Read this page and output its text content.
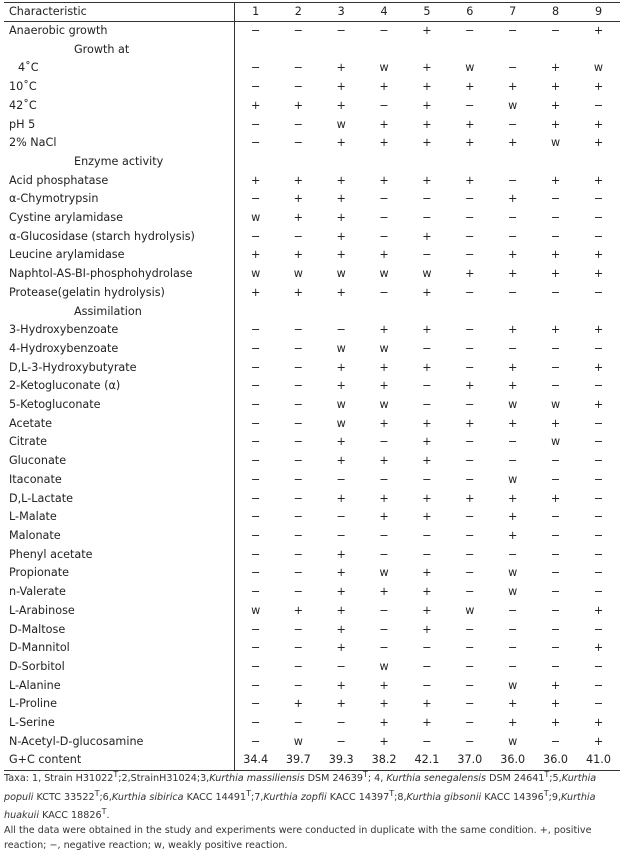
Characteristic	1	2	3	4	5	6	7	8	9
Anaerobic growth	−	−	−	−	+	−	−	−	+
Growth at									
4˚C	−	−	+	w	+	w	−	+	w
10˚C	−	−	+	+	+	+	+	+	+
42˚C	+	+	+	−	+	−	w	+	−
pH 5	−	−	w	+	+	+	−	+	+
2% NaCl	−	−	+	+	+	+	+	w	+
Enzyme activity									
Acid phosphatase	+	+	+	+	+	+	−	+	+
α-Chymotrypsin	−	+	+	−	−	−	+	−	−
Cystine arylamidase	w	+	+	−	−	−	−	−	−
α-Glucosidase (starch hydrolysis)	−	−	+	−	+	−	−	−	−
Leucine arylamidase	+	+	+	+	−	−	+	+	+
Naphtol-AS-BI-phosphohydrolase	w	w	w	w	w	+	+	+	+
Protease(gelatin hydrolysis)	+	+	+	−	+	−	−	−	−
Assimilation									
3-Hydroxybenzoate	−	−	−	+	+	−	+	+	+
4-Hydroxybenzoate	−	−	w	w	−	−	−	−	−
D,L-3-Hydroxybutyrate	−	−	+	+	+	−	+	−	+
2-Ketogluconate (α)	−	−	+	+	−	+	+	−	−
5-Ketogluconate	−	−	w	w	−	−	w	w	+
Acetate	−	−	w	+	+	+	+	+	−
Citrate	−	−	+	−	+	−	−	w	−
Gluconate	−	−	+	+	+	−	−	−	−
Itaconate	−	−	−	−	−	−	w	−	−
D,L-Lactate	−	−	+	+	+	+	+	+	−
L-Malate	−	−	−	+	+	−	+	−	−
Malonate	−	−	−	−	−	−	+	−	−
Phenyl acetate	−	−	+	−	−	−	−	−	−
Propionate	−	−	+	w	+	−	w	−	−
n-Valerate	−	−	+	+	+	−	w	−	−
L-Arabinose	w	+	+	−	+	w	−	−	+
D-Maltose	−	−	+	−	+	−	−	−	−
D-Mannitol	−	−	+	−	−	−	−	−	+
D-Sorbitol	−	−	−	w	−	−	−	−	−
L-Alanine	−	−	+	+	−	−	w	+	−
L-Proline	−	+	+	+	+	−	+	+	−
L-Serine	−	−	−	+	+	−	+	+	+
N-Acetyl-D-glucosamine	−	w	−	+	−	−	w	−	+
G+C content	34.4	39.7	39.3	38.2	42.1	37.0	36.0	36.0	41.0
Taxa: 1, Strain $H31022^T;2,StrainH31024;3,Kurthia$ massiliensis DSM $24639^T$; 4, Kurthia senegalensis DSM $24641^T;5,Kurthia$ populi KCTC $33522^T;6,Kurthia$ sibirica KACC $14491^T;7,Kurthia$ zopfii KACC $14397^T;8,Kurthia$ gibsonii KACC $14396^T;9,Kurthia$ huakuii KACC $18826^T$.
All the data were obtained in the study and experiments were conducted in duplicate with the same condition. +, positive reaction; −, negative reaction; w, weakly positive reaction.
